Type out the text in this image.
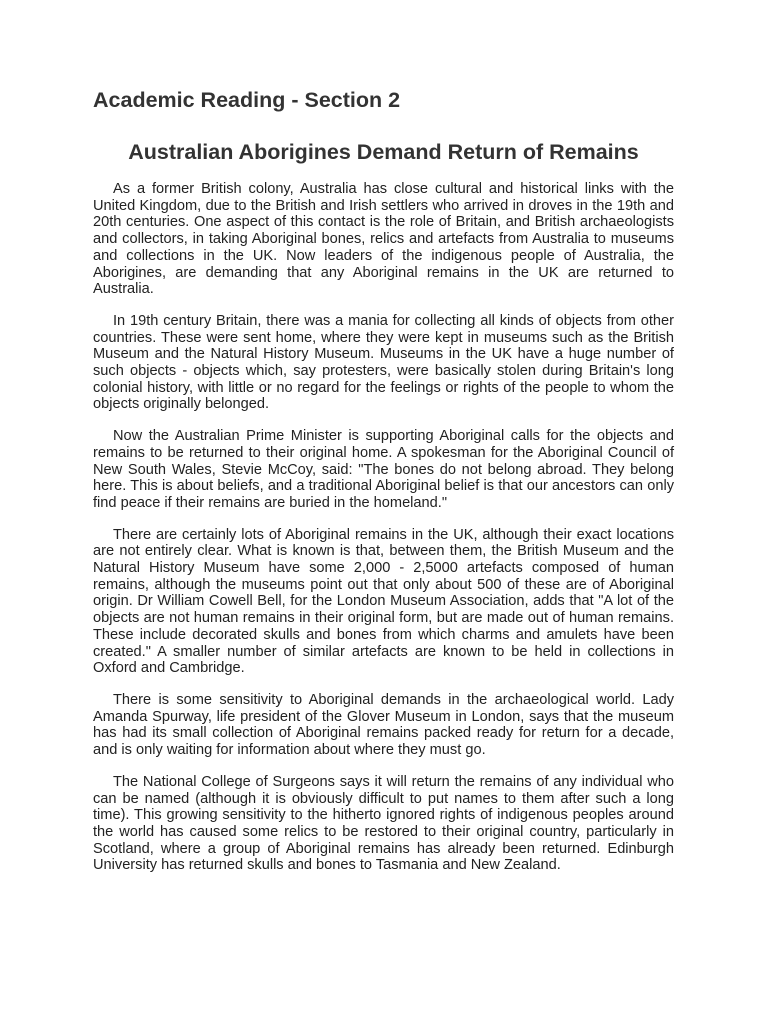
Academic Reading - Section 2
Australian Aborigines Demand Return of Remains

As a former British colony, Australia has close cultural and historical links with the United Kingdom, due to the British and Irish settlers who arrived in droves in the 19th and 20th centuries. One aspect of this contact is the role of Britain, and British archaeologists and collectors, in taking Aboriginal bones, relics and artefacts from Australia to museums and collections in the UK. Now leaders of the indigenous people of Australia, the Aborigines, are demanding that any Aboriginal remains in the UK are returned to Australia.

In 19th century Britain, there was a mania for collecting all kinds of objects from other countries. These were sent home, where they were kept in museums such as the British Museum and the Natural History Museum. Museums in the UK have a huge number of such objects - objects which, say protesters, were basically stolen during Britain's long colonial history, with little or no regard for the feelings or rights of the people to whom the objects originally belonged.

Now the Australian Prime Minister is supporting Aboriginal calls for the objects and remains to be returned to their original home. A spokesman for the Aboriginal Council of New South Wales, Stevie McCoy, said: "The bones do not belong abroad. They belong here. This is about beliefs, and a traditional Aboriginal belief is that our ancestors can only find peace if their remains are buried in the homeland."

There are certainly lots of Aboriginal remains in the UK, although their exact locations are not entirely clear. What is known is that, between them, the British Museum and the Natural History Museum have some 2,000 - 2,5000 artefacts composed of human remains, although the museums point out that only about 500 of these are of Aboriginal origin. Dr William Cowell Bell, for the London Museum Association, adds that "A lot of the objects are not human remains in their original form, but are made out of human remains. These include decorated skulls and bones from which charms and amulets have been created." A smaller number of similar artefacts are known to be held in collections in Oxford and Cambridge.

There is some sensitivity to Aboriginal demands in the archaeological world. Lady Amanda Spurway, life president of the Glover Museum in London, says that the museum has had its small collection of Aboriginal remains packed ready for return for a decade, and is only waiting for information about where they must go.

The National College of Surgeons says it will return the remains of any individual who can be named (although it is obviously difficult to put names to them after such a long time). This growing sensitivity to the hitherto ignored rights of indigenous peoples around the world has caused some relics to be restored to their original country, particularly in Scotland, where a group of Aboriginal remains has already been returned. Edinburgh University has returned skulls and bones to Tasmania and New Zealand.
